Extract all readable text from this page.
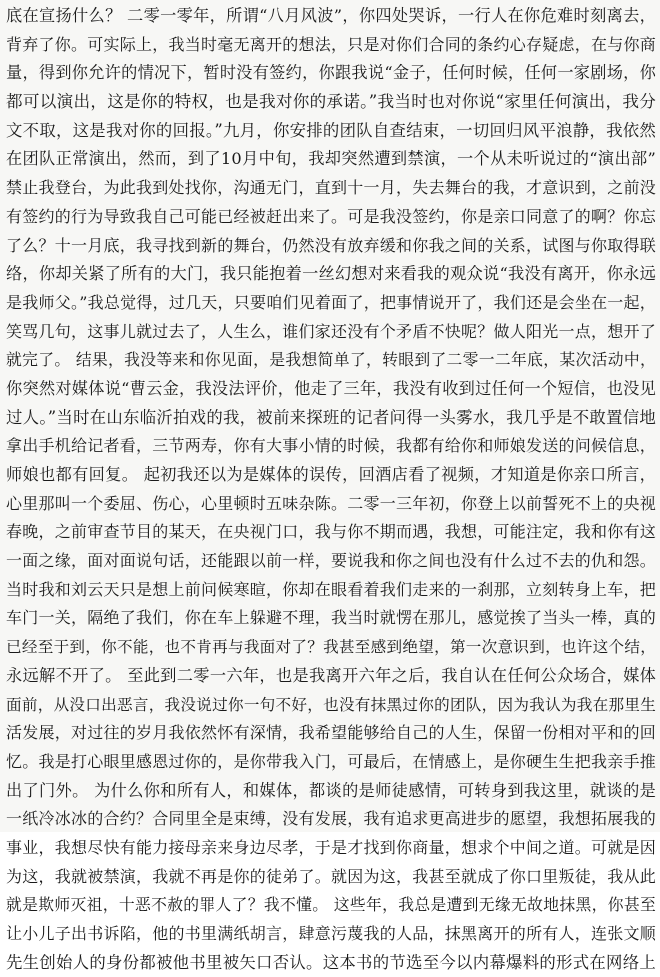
底在宣扬什么？ 二零一零年，所谓“八月风波”，你四处哭诉，一行人在你危难时刻离去，
背弃了你。可实际上，我当时毫无离开的想法，只是对你们合同的条约心存疑虑，在与你商
量，得到你允许的情况下，暂时没有签约，你跟我说“金子，任何时候，任何一家剧场，你
都可以演出，这是你的特权，也是我对你的承诺。”我当时也对你说“家里任何演出，我分
文不取，这是我对你的回报。”九月，你安排的团队自查结束，一切回归风平浪静，我依然
在团队正常演出，然而，到了10月中旬，我却突然遭到禁演，一个从未听说过的“演出部”
禁止我登台，为此我到处找你，沟通无门，直到十一月，失去舞台的我，才意识到，之前没
有签约的行为导致我自己可能已经被赶出来了。可是我没签约，你是亲口同意了的啊？你忘
了么？十一月底，我寻找到新的舞台，仍然没有放弃缓和你我之间的关系，试图与你取得联
络，你却关紧了所有的大门，我只能抱着一丝幻想对来看我的观众说“我没有离开，你永远
是我师父。”我总觉得，过几天，只要咱们见着面了，把事情说开了，我们还是会坐在一起，
笑骂几句，这事儿就过去了，人生么，谁们家还没有个矛盾不快呢？做人阳光一点，想开了
就完了。 结果，我没等来和你见面，是我想简单了，转眼到了二零一二年底，某次活动中，
你突然对媒体说“曹云金，我没法评价，他走了三年，我没有收到过任何一个短信，也没见
过人。”当时在山东临沂拍戏的我，被前来探班的记者问得一头雾水，我几乎是不敢置信地
拿出手机给记者看，三节两寿，你有大事小情的时候，我都有给你和师娘发送的问候信息，
师娘也都有回复。 起初我还以为是媒体的误传，回酒店看了视频，才知道是你亲口所言，
心里那叫一个委屈、伤心，心里顿时五味杂陈。二零一三年初，你登上以前誓死不上的央视
春晚，之前审查节目的某天，在央视门口，我与你不期而遇，我想，可能注定，我和你有这
一面之缘，面对面说句话，还能跟以前一样，要说我和你之间也没有什么过不去的仇和怨。
当时我和刘云天只是想上前问候寒暄，你却在眼看着我们走来的一刹那，立刻转身上车，把
车门一关，隔绝了我们，你在车上躲避不理，我当时就愣在那儿，感觉挨了当头一棒，真的
已经至于到，你不能，也不肯再与我面对了？我甚至感到绝望，第一次意识到，也许这个结，
永远解不开了。 至此到二零一六年，也是我离开六年之后，我自认在任何公众场合，媒体
面前，从没口出恶言，我没说过你一句不好，也没有抹黑过你的团队，因为我认为我在那里生
活发展，对过往的岁月我依然怀有深情，我希望能够给自己的人生，保留一份相对平和的回
忆。我是打心眼里感恩过你的，是你带我入门，可最后，在情感上，是你硬生生把我亲手推
出了门外。 为什么你和所有人，和媒体，都谈的是师徒感情，可转身到我这里，就谈的是
一纸冷冰冰的合约？合同里全是束缚，没有发展，我有追求更高进步的愿望，我想拓展我的
事业，我想尽快有能力接母亲来身边尽孝，于是才找到你商量，想求个中间之道。可就是因
为这，我就被禁演，我就不再是你的徒弟了。就因为这，我甚至就成了你口里叛徒，我从此
就是欺师灭祖，十恶不赦的罪人了？我不懂。 这些年，我总是遭到无缘无故地抹黑，你甚至
让小儿子出书诉陷，他的书里满纸胡言，肆意污蔑我的人品，抹黑离开的所有人，连张文顺
先生创始人的身份都被他书里被矢口否认。这本书的节选至今以内幕爆料的形式在网络上
